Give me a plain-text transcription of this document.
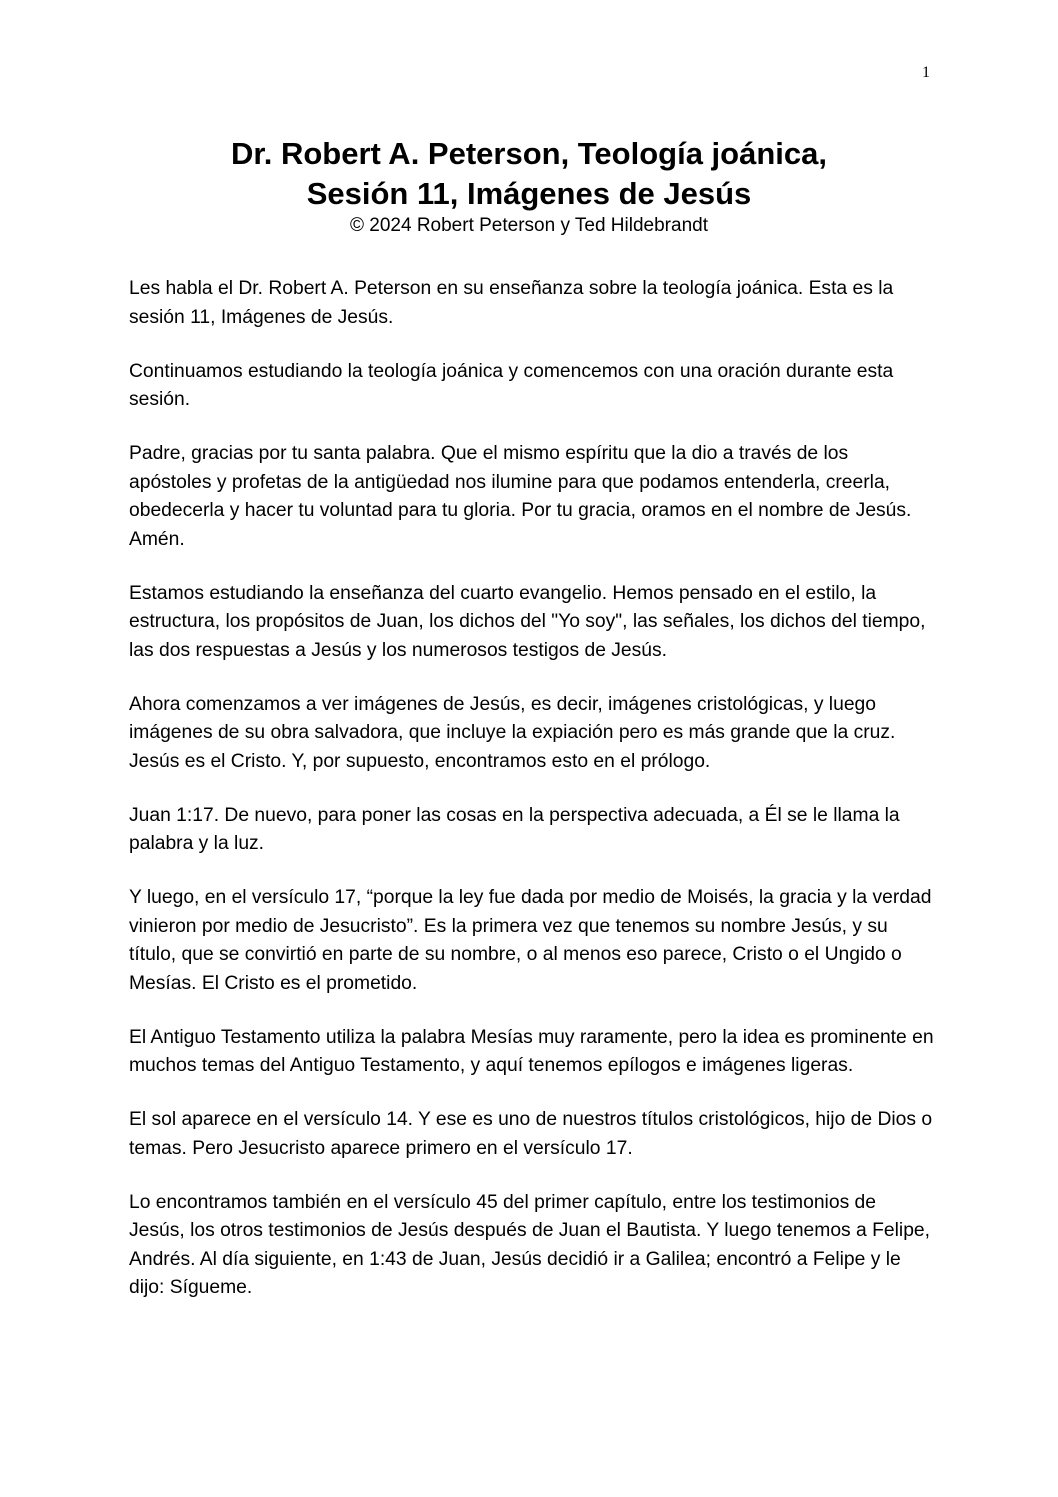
1
Dr. Robert A. Peterson, Teología joánica,
Sesión 11, Imágenes de Jesús
© 2024 Robert Peterson y Ted Hildebrandt

Les habla el Dr. Robert A. Peterson en su enseñanza sobre la teología joánica. Esta es la sesión 11, Imágenes de Jesús.

Continuamos estudiando la teología joánica y comencemos con una oración durante esta sesión.

Padre, gracias por tu santa palabra. Que el mismo espíritu que la dio a través de los apóstoles y profetas de la antigüedad nos ilumine para que podamos entenderla, creerla, obedecerla y hacer tu voluntad para tu gloria. Por tu gracia, oramos en el nombre de Jesús. Amén.

Estamos estudiando la enseñanza del cuarto evangelio. Hemos pensado en el estilo, la estructura, los propósitos de Juan, los dichos del "Yo soy", las señales, los dichos del tiempo, las dos respuestas a Jesús y los numerosos testigos de Jesús.

Ahora comenzamos a ver imágenes de Jesús, es decir, imágenes cristológicas, y luego imágenes de su obra salvadora, que incluye la expiación pero es más grande que la cruz. Jesús es el Cristo. Y, por supuesto, encontramos esto en el prólogo.

Juan 1:17. De nuevo, para poner las cosas en la perspectiva adecuada, a Él se le llama la palabra y la luz.

Y luego, en el versículo 17, “porque la ley fue dada por medio de Moisés, la gracia y la verdad vinieron por medio de Jesucristo”. Es la primera vez que tenemos su nombre Jesús, y su título, que se convirtió en parte de su nombre, o al menos eso parece, Cristo o el Ungido o Mesías. El Cristo es el prometido.

El Antiguo Testamento utiliza la palabra Mesías muy raramente, pero la idea es prominente en muchos temas del Antiguo Testamento, y aquí tenemos epílogos e imágenes ligeras.

El sol aparece en el versículo 14. Y ese es uno de nuestros títulos cristológicos, hijo de Dios o temas. Pero Jesucristo aparece primero en el versículo 17.

Lo encontramos también en el versículo 45 del primer capítulo, entre los testimonios de Jesús, los otros testimonios de Jesús después de Juan el Bautista. Y luego tenemos a Felipe, Andrés. Al día siguiente, en 1:43 de Juan, Jesús decidió ir a Galilea; encontró a Felipe y le dijo: Sígueme.
